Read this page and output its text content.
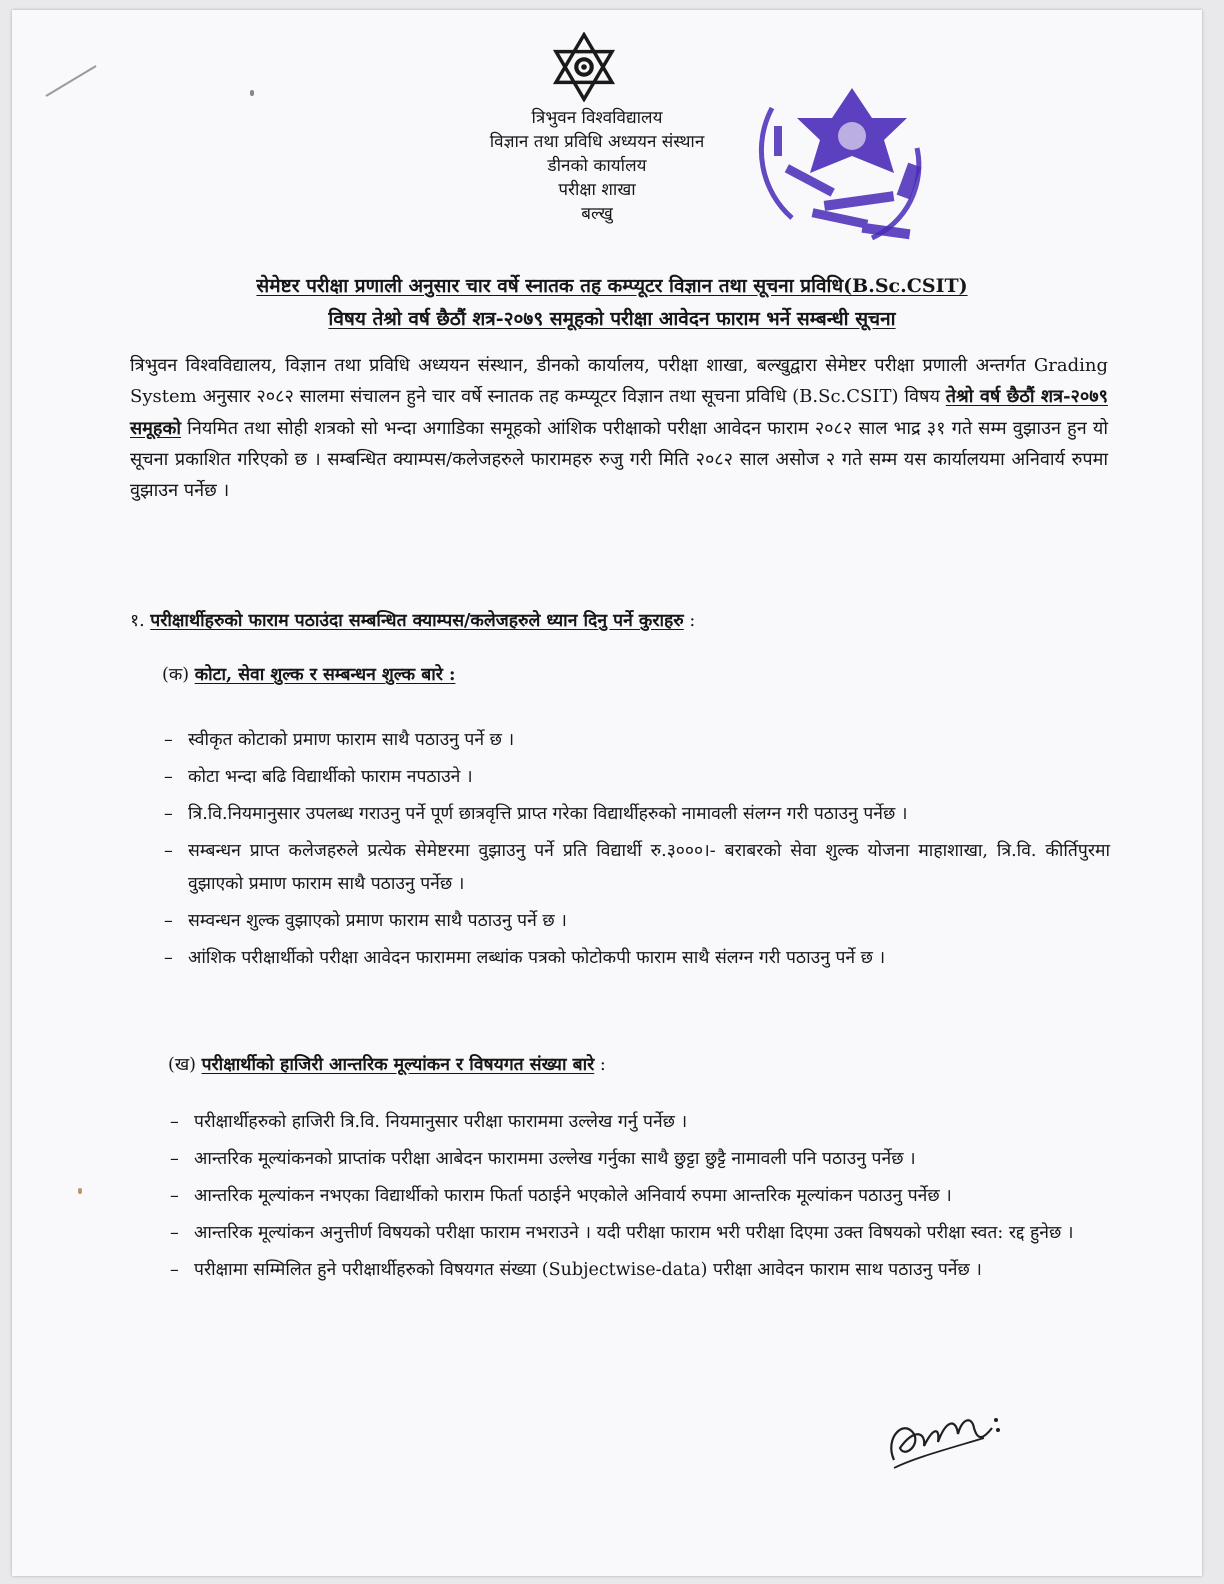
त्रिभुवन विश्वविद्यालय
विज्ञान तथा प्रविधि अध्ययन संस्थान
डीनको कार्यालय
परीक्षा शाखा
बल्खु
सेमेष्टर परीक्षा प्रणाली अनुसार चार वर्षे स्नातक तह कम्प्यूटर विज्ञान तथा सूचना प्रविधि(B.Sc.CSIT)
विषय तेश्रो वर्ष छैठौं शत्र-२०७९ समूहको परीक्षा आवेदन फाराम भर्ने सम्बन्धी सूचना
त्रिभुवन विश्वविद्यालय, विज्ञान तथा प्रविधि अध्ययन संस्थान, डीनको कार्यालय, परीक्षा शाखा, बल्खुद्वारा सेमेष्टर परीक्षा प्रणाली अन्तर्गत Grading System अनुसार २०८२ सालमा संचालन हुने चार वर्षे स्नातक तह कम्प्यूटर विज्ञान तथा सूचना प्रविधि (B.Sc.CSIT) विषय तेश्रो वर्ष छैठौं शत्र-२०७९ समूहको नियमित तथा सोही शत्रको सो भन्दा अगाडिका समूहको आंशिक परीक्षाको परीक्षा आवेदन फाराम २०८२ साल भाद्र ३१ गते सम्म वुझाउन हुन यो सूचना प्रकाशित गरिएको छ । सम्बन्धित क्याम्पस/कलेजहरुले फारामहरु रुजु गरी मिति २०८२ साल असोज २ गते सम्म यस कार्यालयमा अनिवार्य रुपमा वुझाउन पर्नेछ ।
१. परीक्षार्थीहरुको फाराम पठाउंदा सम्बन्धित क्याम्पस/कलेजहरुले ध्यान दिनु पर्ने कुराहरु :
(क) कोटा, सेवा शुल्क र सम्बन्धन शुल्क बारे :
– स्वीकृत कोटाको प्रमाण फाराम साथै पठाउनु पर्ने छ ।
– कोटा भन्दा बढि विद्यार्थीको फाराम नपठाउने ।
– त्रि.वि.नियमानुसार उपलब्ध गराउनु पर्ने पूर्ण छात्रवृत्ति प्राप्त गरेका विद्यार्थीहरुको नामावली संलग्न गरी पठाउनु पर्नेछ ।
– सम्बन्धन प्राप्त कलेजहरुले प्रत्येक सेमेष्टरमा वुझाउनु पर्ने प्रति विद्यार्थी रु.३०००।- बराबरको सेवा शुल्क योजना माहाशाखा, त्रि.वि. कीर्तिपुरमा वुझाएको प्रमाण फाराम साथै पठाउनु पर्नेछ ।
– सम्वन्धन शुल्क वुझाएको प्रमाण फाराम साथै पठाउनु पर्ने छ ।
– आंशिक परीक्षार्थीको परीक्षा आवेदन फाराममा लब्धांक पत्रको फोटोकपी फाराम साथै संलग्न गरी पठाउनु पर्ने छ ।
(ख) परीक्षार्थीको हाजिरी आन्तरिक मूल्यांकन र विषयगत संख्या बारे :
– परीक्षार्थीहरुको हाजिरी त्रि.वि. नियमानुसार परीक्षा फाराममा उल्लेख गर्नु पर्नेछ ।
– आन्तरिक मूल्यांकनको प्राप्तांक परीक्षा आबेदन फाराममा उल्लेख गर्नुका साथै छुट्टा छुट्टै नामावली पनि पठाउनु पर्नेछ ।
– आन्तरिक मूल्यांकन नभएका विद्यार्थीको फाराम फिर्ता पठाईने भएकोले अनिवार्य रुपमा आन्तरिक मूल्यांकन पठाउनु पर्नेछ ।
– आन्तरिक मूल्यांकन अनुत्तीर्ण विषयको परीक्षा फाराम नभराउने । यदी परीक्षा फाराम भरी परीक्षा दिएमा उक्त विषयको परीक्षा स्वत: रद्द हुनेछ ।
– परीक्षामा सम्मिलित हुने परीक्षार्थीहरुको विषयगत संख्या (Subjectwise-data) परीक्षा आवेदन फाराम साथ पठाउनु पर्नेछ ।
